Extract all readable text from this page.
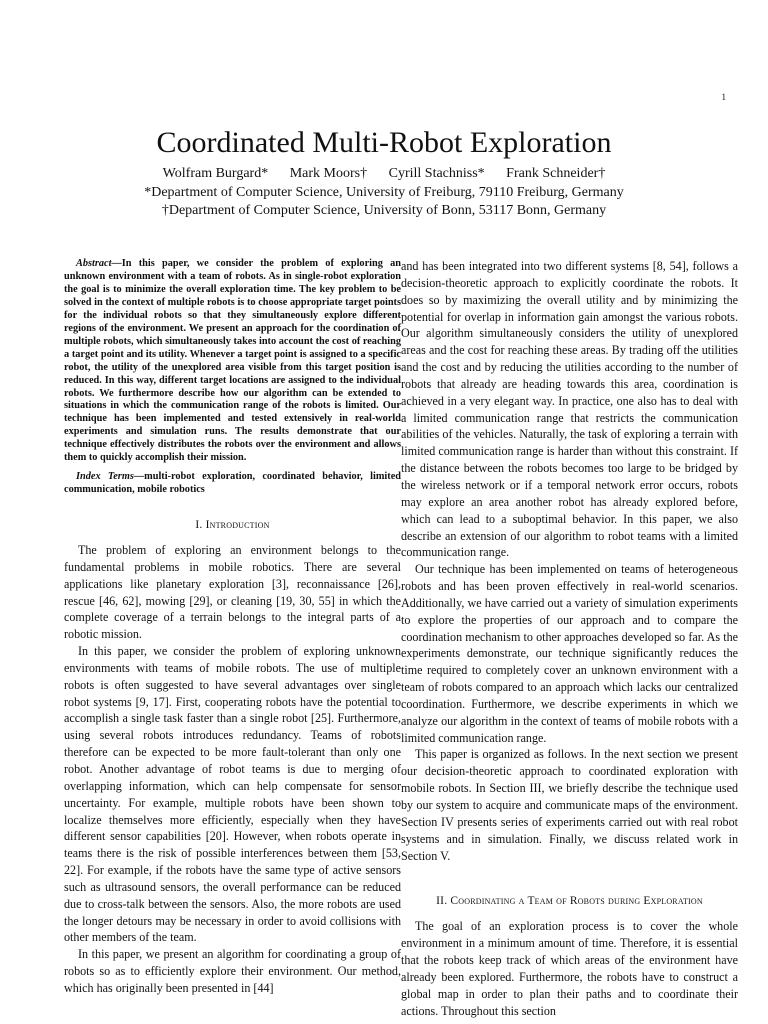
1
Coordinated Multi-Robot Exploration
Wolfram Burgard* Mark Moors† Cyrill Stachniss* Frank Schneider†
*Department of Computer Science, University of Freiburg, 79110 Freiburg, Germany
†Department of Computer Science, University of Bonn, 53117 Bonn, Germany

Abstract—In this paper, we consider the problem of exploring an unknown environment with a team of robots. As in single-robot exploration the goal is to minimize the overall exploration time. The key problem to be solved in the context of multiple robots is to choose appropriate target points for the individual robots so that they simultaneously explore different regions of the environment. We present an approach for the coordination of multiple robots, which simultaneously takes into account the cost of reaching a target point and its utility. Whenever a target point is assigned to a specific robot, the utility of the unexplored area visible from this target position is reduced. In this way, different target locations are assigned to the individual robots. We furthermore describe how our algorithm can be extended to situations in which the communication range of the robots is limited. Our technique has been implemented and tested extensively in real-world experiments and simulation runs. The results demonstrate that our technique effectively distributes the robots over the environment and allows them to quickly accomplish their mission.

Index Terms—multi-robot exploration, coordinated behavior, limited communication, mobile robotics

I. Introduction

The problem of exploring an environment belongs to the fundamental problems in mobile robotics. There are several applications like planetary exploration [3], reconnaissance [26], rescue [46, 62], mowing [29], or cleaning [19, 30, 55] in which the complete coverage of a terrain belongs to the integral parts of a robotic mission.

In this paper, we consider the problem of exploring unknown environments with teams of mobile robots. The use of multiple robots is often suggested to have several advantages over single robot systems [9, 17]. First, cooperating robots have the potential to accomplish a single task faster than a single robot [25]. Furthermore, using several robots introduces redundancy. Teams of robots therefore can be expected to be more fault-tolerant than only one robot. Another advantage of robot teams is due to merging of overlapping information, which can help compensate for sensor uncertainty. For example, multiple robots have been shown to localize themselves more efficiently, especially when they have different sensor capabilities [20]. However, when robots operate in teams there is the risk of possible interferences between them [53, 22]. For example, if the robots have the same type of active sensors such as ultrasound sensors, the overall performance can be reduced due to cross-talk between the sensors. Also, the more robots are used the longer detours may be necessary in order to avoid collisions with other members of the team.

In this paper, we present an algorithm for coordinating a group of robots so as to efficiently explore their environment. Our method, which has originally been presented in [44]

and has been integrated into two different systems [8, 54], follows a decision-theoretic approach to explicitly coordinate the robots. It does so by maximizing the overall utility and by minimizing the potential for overlap in information gain amongst the various robots. Our algorithm simultaneously considers the utility of unexplored areas and the cost for reaching these areas. By trading off the utilities and the cost and by reducing the utilities according to the number of robots that already are heading towards this area, coordination is achieved in a very elegant way. In practice, one also has to deal with a limited communication range that restricts the communication abilities of the vehicles. Naturally, the task of exploring a terrain with limited communication range is harder than without this constraint. If the distance between the robots becomes too large to be bridged by the wireless network or if a temporal network error occurs, robots may explore an area another robot has already explored before, which can lead to a suboptimal behavior. In this paper, we also describe an extension of our algorithm to robot teams with a limited communication range.

Our technique has been implemented on teams of heterogeneous robots and has been proven effectively in real-world scenarios. Additionally, we have carried out a variety of simulation experiments to explore the properties of our approach and to compare the coordination mechanism to other approaches developed so far. As the experiments demonstrate, our technique significantly reduces the time required to completely cover an unknown environment with a team of robots compared to an approach which lacks our centralized coordination. Furthermore, we describe experiments in which we analyze our algorithm in the context of teams of mobile robots with a limited communication range.

This paper is organized as follows. In the next section we present our decision-theoretic approach to coordinated exploration with mobile robots. In Section III, we briefly describe the technique used by our system to acquire and communicate maps of the environment. Section IV presents series of experiments carried out with real robot systems and in simulation. Finally, we discuss related work in Section V.

II. Coordinating a Team of Robots during Exploration

The goal of an exploration process is to cover the whole environment in a minimum amount of time. Therefore, it is essential that the robots keep track of which areas of the environment have already been explored. Furthermore, the robots have to construct a global map in order to plan their paths and to coordinate their actions. Throughout this section
